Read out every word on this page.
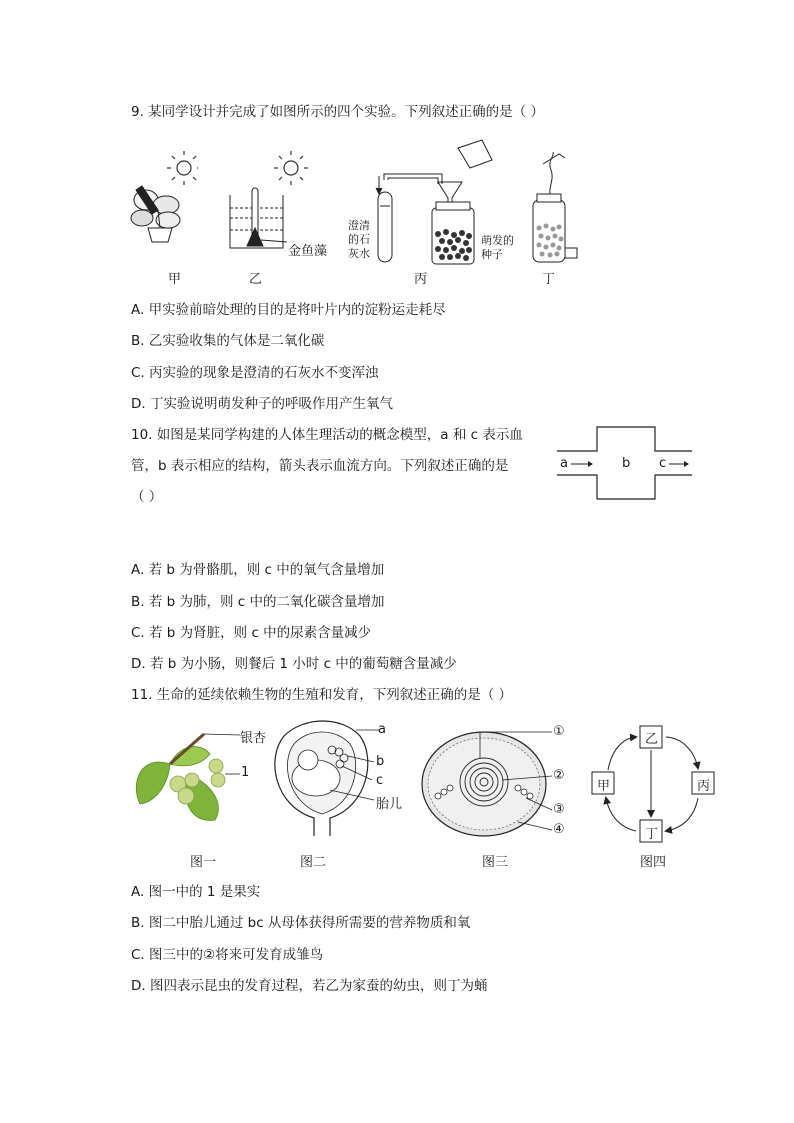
9. 某同学设计并完成了如图所示的四个实验。下列叙述正确的是（ ）
甲
金鱼藻
乙
澄清
的石
灰水
萌发的
种子
丙	丁
A. 甲实验前暗处理的目的是将叶片内的淀粉运走耗尽
B. 乙实验收集的气体是二氧化碳
C. 丙实验的现象是澄清的石灰水不变浑浊
D. 丁实验说明萌发种子的呼吸作用产生氧气
10. 如图是某同学构建的人体生理活动的概念模型，a 和 c 表示血
管，b 表示相应的结构，箭头表示血流方向。下列叙述正确的是
（ ）
a	b c
A. 若 b 为骨骼肌，则 c 中的氧气含量增加
B. 若 b 为肺，则 c 中的二氧化碳含量增加
C. 若 b 为肾脏，则 c 中的尿素含量减少
D. 若 b 为小肠，则餐后 1 小时 c 中的葡萄糖含量减少
11. 生命的延续依赖生物的生殖和发育，下列叙述正确的是（ ）
银杏
1
图一
a
b
c
胎儿
图二
①
②
③
④
图三
乙
甲	丙
丁
图四
A. 图一中的 1 是果实
B. 图二中胎儿通过 bc 从母体获得所需要的营养物质和氧
C. 图三中的②将来可发育成雏鸟
D. 图四表示昆虫的发育过程，若乙为家蚕的幼虫，则丁为蛹
